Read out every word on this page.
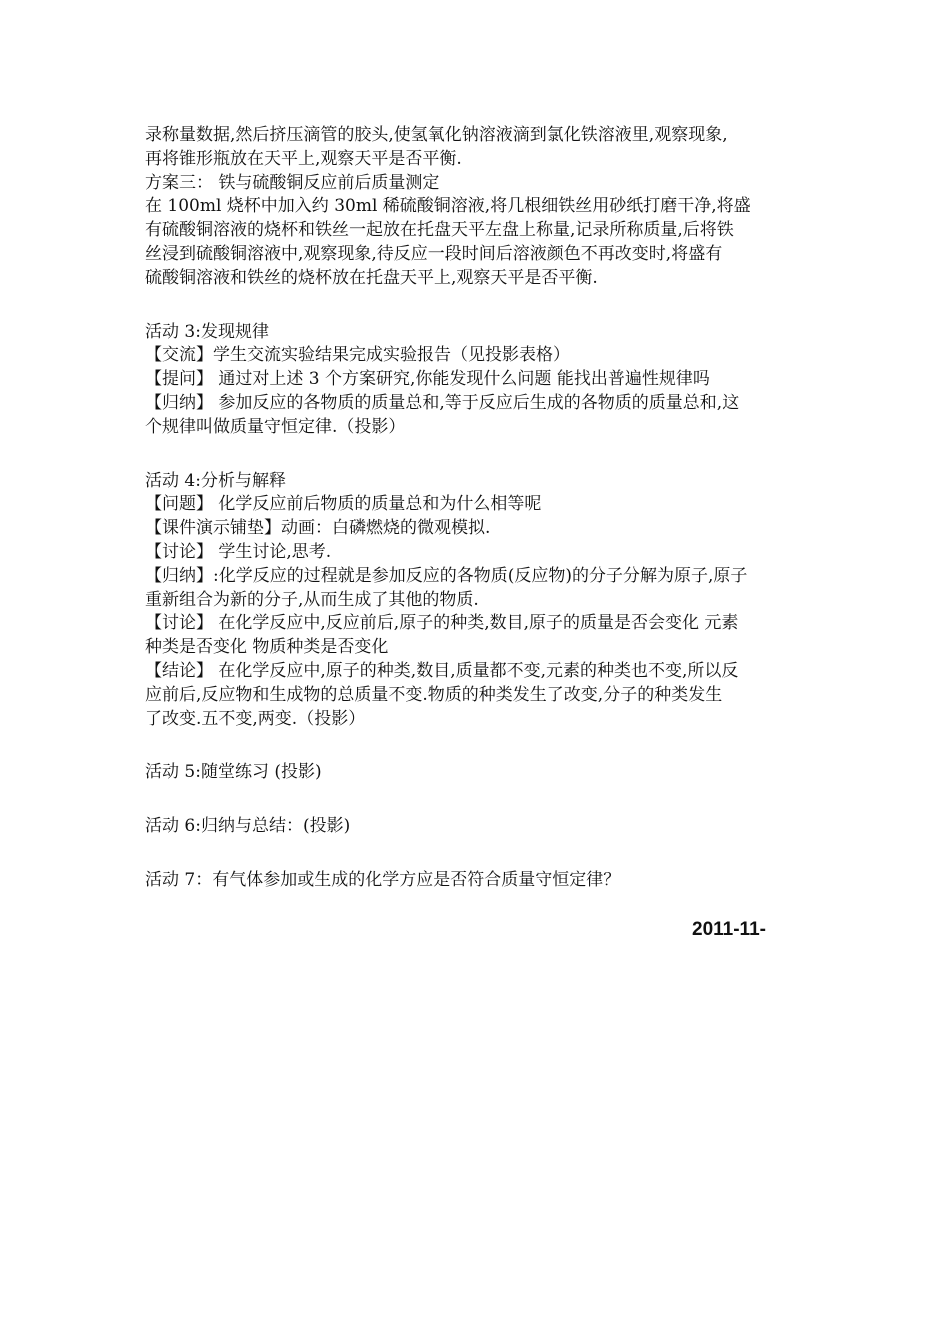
录称量数据,然后挤压滴管的胶头,使氢氧化钠溶液滴到氯化铁溶液里,观察现象,
再将锥形瓶放在天平上,观察天平是否平衡.
方案三： 铁与硫酸铜反应前后质量测定
在 100ml 烧杯中加入约 30ml 稀硫酸铜溶液,将几根细铁丝用砂纸打磨干净,将盛
有硫酸铜溶液的烧杯和铁丝一起放在托盘天平左盘上称量,记录所称质量,后将铁
丝浸到硫酸铜溶液中,观察现象,待反应一段时间后溶液颜色不再改变时,将盛有
硫酸铜溶液和铁丝的烧杯放在托盘天平上,观察天平是否平衡.
活动 3:发现规律
【交流】学生交流实验结果完成实验报告（见投影表格）
【提问】 通过对上述 3 个方案研究,你能发现什么问题 能找出普遍性规律吗
【归纳】 参加反应的各物质的质量总和,等于反应后生成的各物质的质量总和,这
个规律叫做质量守恒定律.（投影）
活动 4:分析与解释
【问题】 化学反应前后物质的质量总和为什么相等呢
【课件演示铺垫】动画：白磷燃烧的微观模拟.
【讨论】 学生讨论,思考.
【归纳】:化学反应的过程就是参加反应的各物质(反应物)的分子分解为原子,原子
重新组合为新的分子,从而生成了其他的物质.
【讨论】 在化学反应中,反应前后,原子的种类,数目,原子的质量是否会变化 元素
种类是否变化 物质种类是否变化
【结论】 在化学反应中,原子的种类,数目,质量都不变,元素的种类也不变,所以反
应前后,反应物和生成物的总质量不变.物质的种类发生了改变,分子的种类发生
了改变.五不变,两变.（投影）
活动 5:随堂练习 (投影)
活动 6:归纳与总结：(投影)
活动 7：有气体参加或生成的化学方应是否符合质量守恒定律？
2011-11-
